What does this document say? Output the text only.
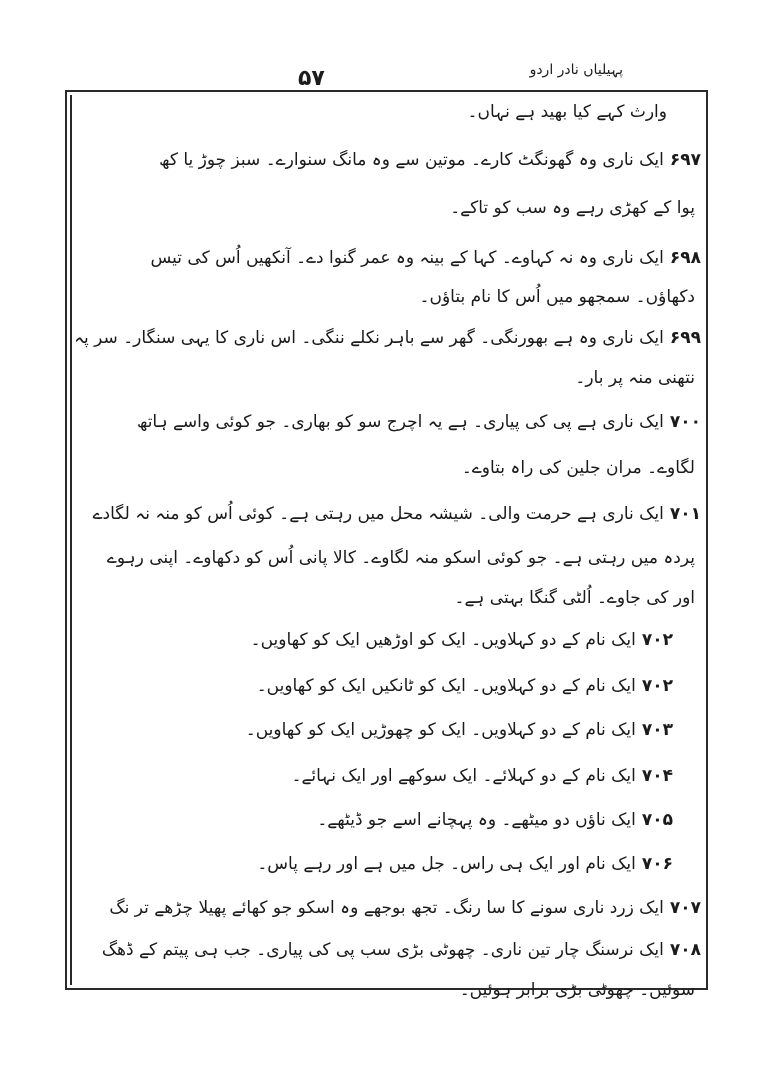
پہیلیاں نادر اردو
۵۷
وارث کہے کیا بھید ہے نہاں۔
۶۹۷ایک ناری وہ گھونگٹ کارے۔ موتین سے وہ مانگ سنوارے۔ سبز چوڑ یا کھ
پوا کے کھڑی رہے وہ سب کو تاکے۔
۶۹۸ایک ناری وہ نہ کہاوے۔ کہا کے بینہ وہ عمر گنوا دے۔ آنکھیں اُس کی تیس
دکھاؤں۔ سمجھو میں اُس کا نام بتاؤں۔
۶۹۹ایک ناری وہ ہے بھورنگی۔ گھر سے باہر نکلے ننگی۔ اس ناری کا یہی سنگار۔ سر پہ
نتھنی منہ پر بار۔
۷۰۰ایک ناری ہے پی کی پیاری۔ ہے یہ اچرج سو کو بھاری۔ جو کوئی واسے ہاتھ
لگاوے۔ مران جلین کی راہ بتاوے۔
۷۰۱ایک ناری ہے حرمت والی۔ شیشہ محل میں رہتی ہے۔ کوئی اُس کو منہ نہ لگادے
پردہ میں رہتی ہے۔ جو کوئی اسکو منہ لگاوے۔ کالا پانی اُس کو دکھاوے۔ اپنی رہوے
اور کی جاوے۔ اُلٹی گنگا بہتی ہے۔
۷۰۲ایک نام کے دو کہلاویں۔ ایک کو اوڑھیں ایک کو کھاویں۔
۷۰۲ایک نام کے دو کہلاویں۔ ایک کو ٹانکیں ایک کو کھاویں۔
۷۰۳ایک نام کے دو کہلاویں۔ ایک کو چھوڑیں ایک کو کھاویں۔
۷۰۴ایک نام کے دو کہلائے۔ ایک سوکھے اور ایک نہائے۔
۷۰۵ایک ناؤں دو میٹھے۔ وہ پہچانے اسے جو ڈیٹھے۔
۷۰۶ایک نام اور ایک ہی راس۔ جل میں ہے اور رہے پاس۔
۷۰۷ایک زرد ناری سونے کا سا رنگ۔ تجھ بوجھے وہ اسکو جو کھائے پھیلا چڑھے تر نگ
۷۰۸ایک نرسنگ چار تین ناری۔ چھوٹی بڑی سب پی کی پیاری۔ جب ہی پیتم کے ڈھگ
سوئیں۔ چھوٹی بڑی برابر ہوئیں۔
